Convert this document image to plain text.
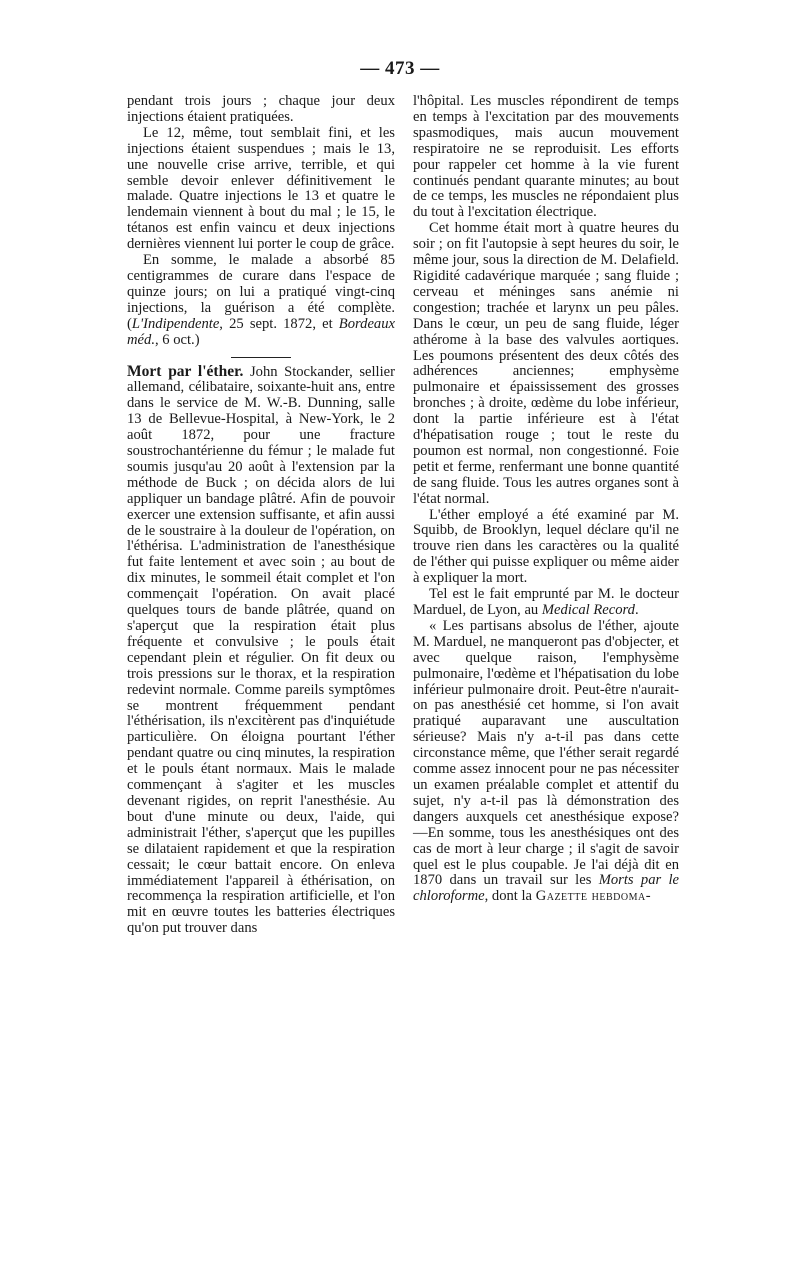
— 473 —

pendant trois jours ; chaque jour deux injections étaient pratiquées.

Le 12, même, tout semblait fini, et les injections étaient suspendues ; mais le 13, une nouvelle crise arrive, terrible, et qui semble devoir enlever définitivement le malade. Quatre injections le 13 et quatre le lendemain viennent à bout du mal ; le 15, le tétanos est enfin vaincu et deux injections dernières viennent lui porter le coup de grâce.

En somme, le malade a absorbé 85 centigrammes de curare dans l'espace de quinze jours; on lui a pratiqué vingt-cinq injections, la guérison a été complète. (L'Indipendente, 25 sept. 1872, et Bordeaux méd., 6 oct.)

Mort par l'éther. John Stockander, sellier allemand, célibataire, soixante-huit ans, entre dans le service de M. W.-B. Dunning, salle 13 de Bellevue-Hospital, à New-York, le 2 août 1872, pour une fracture soustrochantérienne du fémur ; le malade fut soumis jusqu'au 20 août à l'extension par la méthode de Buck ; on décida alors de lui appliquer un bandage plâtré. Afin de pouvoir exercer une extension suffisante, et afin aussi de le soustraire à la douleur de l'opération, on l'éthérisa. L'administration de l'anesthésique fut faite lentement et avec soin ; au bout de dix minutes, le sommeil était complet et l'on commençait l'opération. On avait placé quelques tours de bande plâtrée, quand on s'aperçut que la respiration était plus fréquente et convulsive ; le pouls était cependant plein et régulier. On fit deux ou trois pressions sur le thorax, et la respiration redevint normale. Comme pareils symptômes se montrent fréquemment pendant l'éthérisation, ils n'excitèrent pas d'inquiétude particulière. On éloigna pourtant l'éther pendant quatre ou cinq minutes, la respiration et le pouls étant normaux. Mais le malade commençant à s'agiter et les muscles devenant rigides, on reprit l'anesthésie. Au bout d'une minute ou deux, l'aide, qui administrait l'éther, s'aperçut que les pupilles se dilataient rapidement et que la respiration cessait; le cœur battait encore. On enleva immédiatement l'appareil à éthérisation, on recommença la respiration artificielle, et l'on mit en œuvre toutes les batteries électriques qu'on put trouver dans

l'hôpital. Les muscles répondirent de temps en temps à l'excitation par des mouvements spasmodiques, mais aucun mouvement respiratoire ne se reproduisit. Les efforts pour rappeler cet homme à la vie furent continués pendant quarante minutes; au bout de ce temps, les muscles ne répondaient plus du tout à l'excitation électrique.

Cet homme était mort à quatre heures du soir ; on fit l'autopsie à sept heures du soir, le même jour, sous la direction de M. Delafield. Rigidité cadavérique marquée ; sang fluide ; cerveau et méninges sans anémie ni congestion; trachée et larynx un peu pâles. Dans le cœur, un peu de sang fluide, léger athérome à la base des valvules aortiques. Les poumons présentent des deux côtés des adhérences anciennes; emphysème pulmonaire et épaississement des grosses bronches ; à droite, œdème du lobe inférieur, dont la partie inférieure est à l'état d'hépatisation rouge ; tout le reste du poumon est normal, non congestionné. Foie petit et ferme, renfermant une bonne quantité de sang fluide. Tous les autres organes sont à l'état normal.

L'éther employé a été examiné par M. Squibb, de Brooklyn, lequel déclare qu'il ne trouve rien dans les caractères ou la qualité de l'éther qui puisse expliquer ou même aider à expliquer la mort.

Tel est le fait emprunté par M. le docteur Marduel, de Lyon, au Medical Record.

« Les partisans absolus de l'éther, ajoute M. Marduel, ne manqueront pas d'objecter, et avec quelque raison, l'emphysème pulmonaire, l'œdème et l'hépatisation du lobe inférieur pulmonaire droit. Peut-être n'aurait-on pas anesthésié cet homme, si l'on avait pratiqué auparavant une auscultation sérieuse? Mais n'y a-t-il pas dans cette circonstance même, que l'éther serait regardé comme assez innocent pour ne pas nécessiter un examen préalable complet et attentif du sujet, n'y a-t-il pas là démonstration des dangers auxquels cet anesthésique expose? —En somme, tous les anesthésiques ont des cas de mort à leur charge ; il s'agit de savoir quel est le plus coupable. Je l'ai déjà dit en 1870 dans un travail sur les Morts par le chloroforme, dont la Gazette hebdoma-
